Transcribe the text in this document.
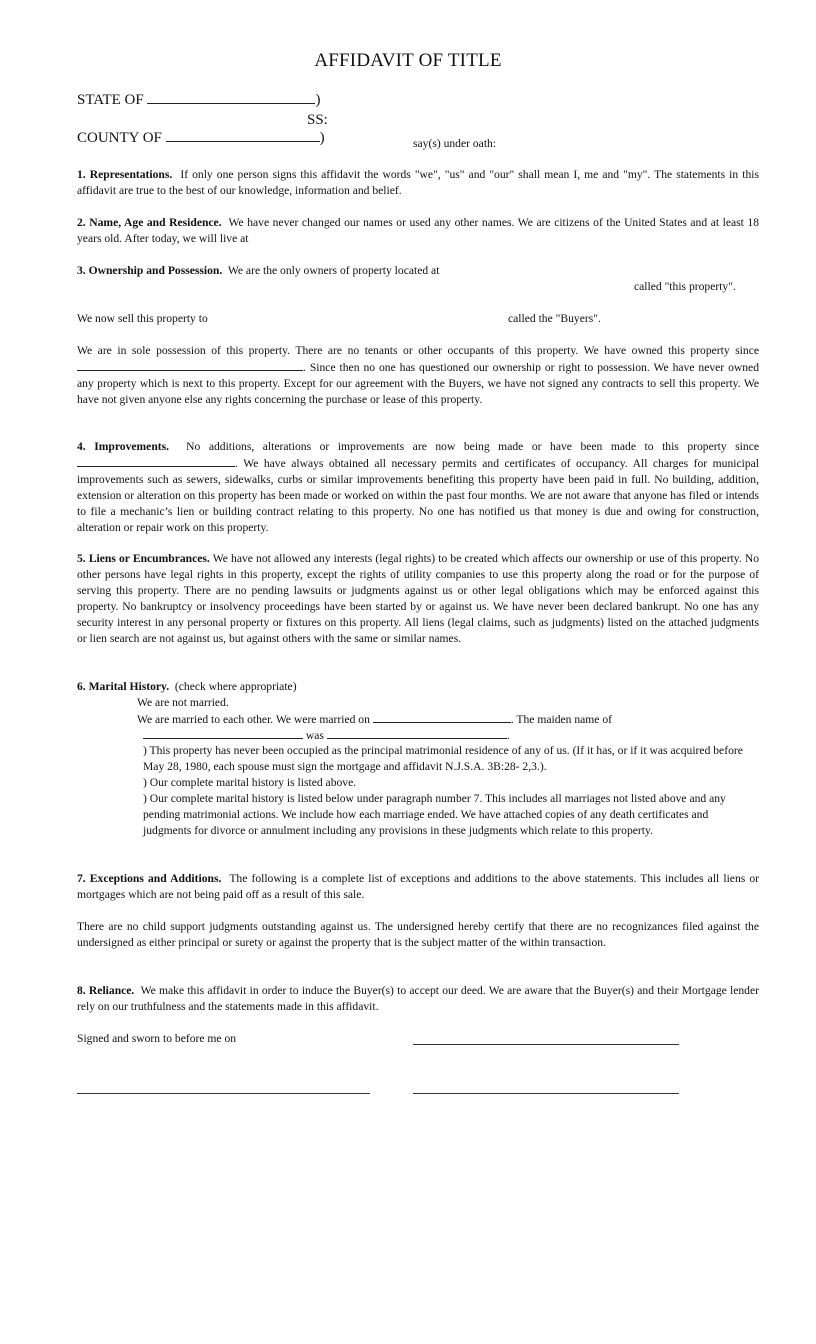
AFFIDAVIT OF TITLE
STATE OF	)
SS:
COUNTY OF	)	say(s) under oath:
1. Representations. If only one person signs this affidavit the words "we", "us" and "our" shall mean I, me and "my". The statements in this affidavit are true to the best of our knowledge, information and belief.
2. Name, Age and Residence. We have never changed our names or used any other names. We are citizens of the United States and at least 18 years old. After today, we will live at
3. Ownership and Possession. We are the only owners of property located at
called "this property".
We now sell this property to	called the "Buyers".
We are in sole possession of this property. There are no tenants or other occupants of this property. We have owned this property since . Since then no one has questioned our ownership or right to possession. We have never owned any property which is next to this property. Except for our agreement with the Buyers, we have not signed any contracts to sell this property. We have not given anyone else any rights concerning the purchase or lease of this property.
4. Improvements. No additions, alterations or improvements are now being made or have been made to this property since . We have always obtained all necessary permits and certificates of occupancy. All charges for municipal improvements such as sewers, sidewalks, curbs or similar improvements benefiting this property have been paid in full. No building, addition, extension or alteration on this property has been made or worked on within the past four months. We are not aware that anyone has filed or intends to file a mechanic’s lien or building contract relating to this property. No one has notified us that money is due and owing for construction, alteration or repair work on this property.
5. Liens or Encumbrances. We have not allowed any interests (legal rights) to be created which affects our ownership or use of this property. No other persons have legal rights in this property, except the rights of utility companies to use this property along the road or for the purpose of serving this property. There are no pending lawsuits or judgments against us or other legal obligations which may be enforced against this property. No bankruptcy or insolvency proceedings have been started by or against us. We have never been declared bankrupt. No one has any security interest in any personal property or fixtures on this property. All liens (legal claims, such as judgments) listed on the attached judgments or lien search are not against us, but against others with the same or similar names.
6. Marital History. (check where appropriate)
We are not married.
We are married to each other. We were married on	. The maiden name of
was	.
) This property has never been occupied as the principal matrimonial residence of any of us. (If it has, or if it was acquired before May 28, 1980, each spouse must sign the mortgage and affidavit N.J.S.A. 3B:28- 2,3.).
) Our complete marital history is listed above.
) Our complete marital history is listed below under paragraph number 7. This includes all marriages not listed above and any pending matrimonial actions. We include how each marriage ended. We have attached copies of any death certificates and judgments for divorce or annulment including any provisions in these judgments which relate to this property.
7. Exceptions and Additions. The following is a complete list of exceptions and additions to the above statements. This includes all liens or mortgages which are not being paid off as a result of this sale.
There are no child support judgments outstanding against us. The undersigned hereby certify that there are no recognizances filed against the undersigned as either principal or surety or against the property that is the subject matter of the within transaction.
8. Reliance. We make this affidavit in order to induce the Buyer(s) to accept our deed. We are aware that the Buyer(s) and their Mortgage lender rely on our truthfulness and the statements made in this affidavit.
Signed and sworn to before me on
